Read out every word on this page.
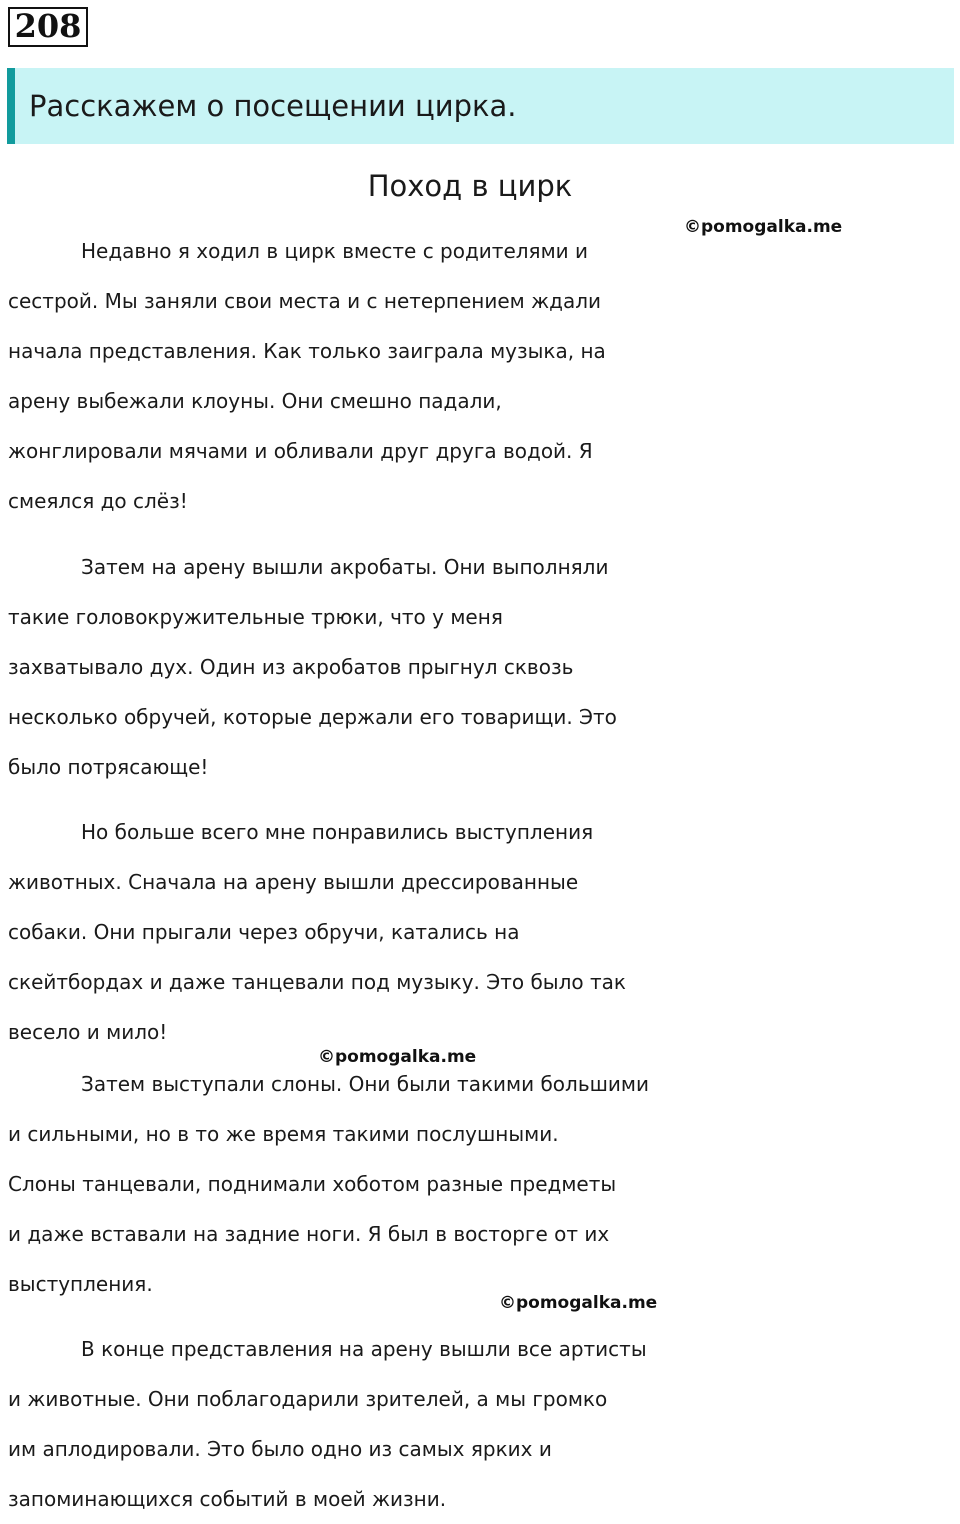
208
Расскажем о посещении цирка.
Поход в цирк
©pomogalka.me
Недавно я ходил в цирк вместе с родителями и
сестрой. Мы заняли свои места и с нетерпением ждали
начала представления. Как только заиграла музыка, на
арену выбежали клоуны. Они смешно падали,
жонглировали мячами и обливали друг друга водой. Я
смеялся до слёз!
Затем на арену вышли акробаты. Они выполняли
такие головокружительные трюки, что у меня
захватывало дух. Один из акробатов прыгнул сквозь
несколько обручей, которые держали его товарищи. Это
было потрясающе!
Но больше всего мне понравились выступления
животных. Сначала на арену вышли дрессированные
собаки. Они прыгали через обручи, катались на
скейтбордах и даже танцевали под музыку. Это было так
весело и мило!
©pomogalka.me
Затем выступали слоны. Они были такими большими
и сильными, но в то же время такими послушными.
Слоны танцевали, поднимали хоботом разные предметы
и даже вставали на задние ноги. Я был в восторге от их
выступления.
©pomogalka.me
В конце представления на арену вышли все артисты
и животные. Они поблагодарили зрителей, а мы громко
им аплодировали. Это было одно из самых ярких и
запоминающихся событий в моей жизни.
